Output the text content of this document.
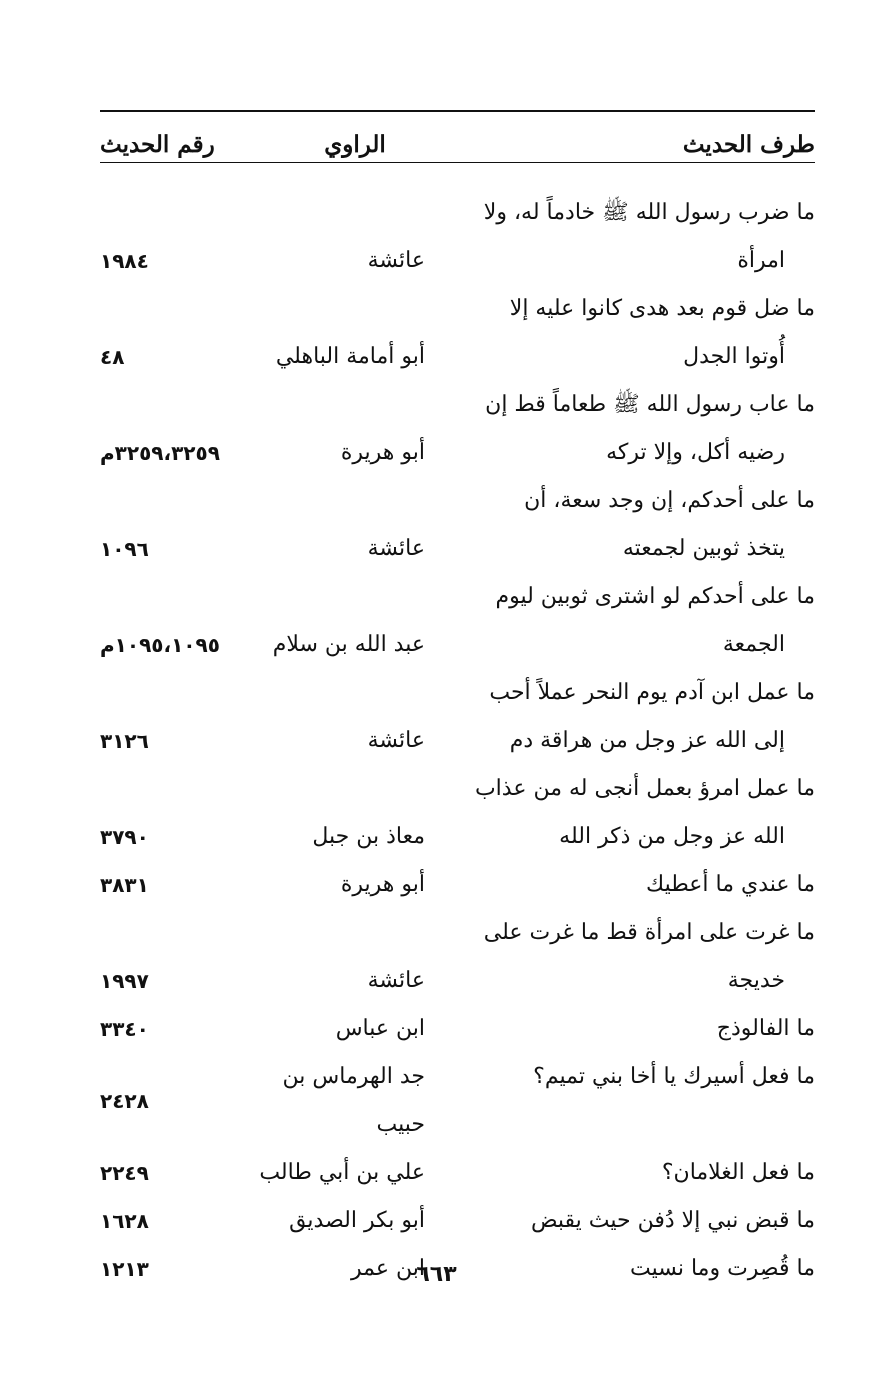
طرف الحديث
الراوي
رقم الحديث
ما ضرب رسول الله ﷺ خادماً له، ولا
امرأة
عائشة
١٩٨٤
ما ضل قوم بعد هدى كانوا عليه إلا
أُوتوا الجدل
أبو أمامة الباهلي
٤٨
ما عاب رسول الله ﷺ طعاماً قط إن
رضيه أكل، وإلا تركه
أبو هريرة
٣٢٥٩،٣٢٥٩م
ما على أحدكم، إن وجد سعة، أن
يتخذ ثوبين لجمعته
عائشة
١٠٩٦
ما على أحدكم لو اشترى ثوبين ليوم
الجمعة
عبد الله بن سلام
١٠٩٥،١٠٩٥م
ما عمل ابن آدم يوم النحر عملاً أحب
إلى الله عز وجل من هراقة دم
عائشة
٣١٢٦
ما عمل امرؤ بعمل أنجى له من عذاب
الله عز وجل من ذكر الله
معاذ بن جبل
٣٧٩٠
ما عندي ما أعطيك
أبو هريرة
٣٨٣١
ما غرت على امرأة قط ما غرت على
خديجة
عائشة
١٩٩٧
ما الفالوذج
ابن عباس
٣٣٤٠
ما فعل أسيرك يا أخا بني تميم؟
جد الهرماس بن حبيب
٢٤٢٨
ما فعل الغلامان؟
علي بن أبي طالب
٢٢٤٩
ما قبض نبي إلا دُفن حيث يقبض
أبو بكر الصديق
١٦٢٨
ما قُصِرت وما نسيت
ابن عمر
١٢١٣	٦٦٣
